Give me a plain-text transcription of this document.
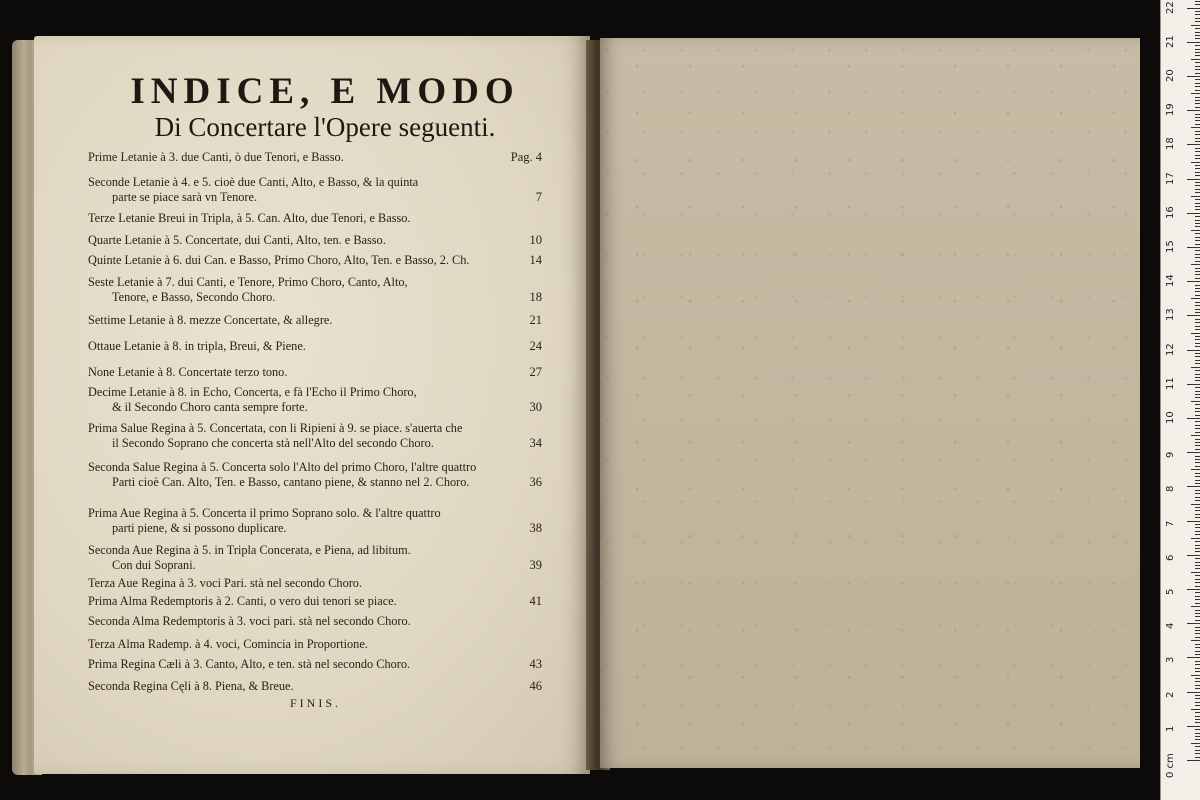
0 cm
1
2
3
4
5
6
7
8
9
10
11
12
13
14
15
16
17
18
19
20
21
22
INDICE, E MODO
Di Concertare l'Opere seguenti.
Prime Letanie à 3. due Canti, ò due Tenori, e Basso.	Pag. 4
Seconde Letanie à 4. e 5. cioè due Canti, Alto, e Basso, & la quinta
parte se piace sarà vn Tenore.	7
Terze Letanie Breui in Tripla, à 5. Can. Alto, due Tenori, e Basso.
Quarte Letanie à 5. Concertate, dui Canti, Alto, ten. e Basso.	10
Quinte Letanie à 6. dui Can. e Basso, Primo Choro, Alto, Ten. e Basso, 2. Ch.	14
Seste Letanie à 7. dui Canti, e Tenore, Primo Choro, Canto, Alto,
Tenore, e Basso, Secondo Choro.	18
Settime Letanie à 8. mezze Concertate, & allegre.	21
Ottaue Letanie à 8. in tripla, Breui, & Piene.	24
None Letanie à 8. Concertate terzo tono.	27
Decime Letanie à 8. in Echo, Concerta, e fà l'Echo il Primo Choro,
& il Secondo Choro canta sempre forte.	30
Prima Salue Regina à 5. Concertata, con li Ripieni à 9. se piace. s'auerta che
il Secondo Soprano che concerta stà nell'Alto del secondo Choro.	34
Seconda Salue Regina à 5. Concerta solo l'Alto del primo Choro, l'altre quattro
Parti cioè Can. Alto, Ten. e Basso, cantano piene, & stanno nel 2. Choro.	36
Prima Aue Regina à 5. Concerta il primo Soprano solo. & l'altre quattro
parti piene, & si possono duplicare.	38
Seconda Aue Regina à 5. in Tripla Concerata, e Piena, ad libitum.
Con dui Soprani.	39
Terza Aue Regina à 3. voci Pari. stà nel secondo Choro.
Prima Alma Redemptoris à 2. Canti, o vero dui tenori se piace.	41
Seconda Alma Redemptoris à 3. voci pari. stà nel secondo Choro.
Terza Alma Rademp. à 4. voci, Comincia in Proportione.
Prima Regina Cæli à 3. Canto, Alto, e ten. stà nel secondo Choro.	43
Seconda Regina Cęli à 8. Piena, & Breue.	46
FINIS.
